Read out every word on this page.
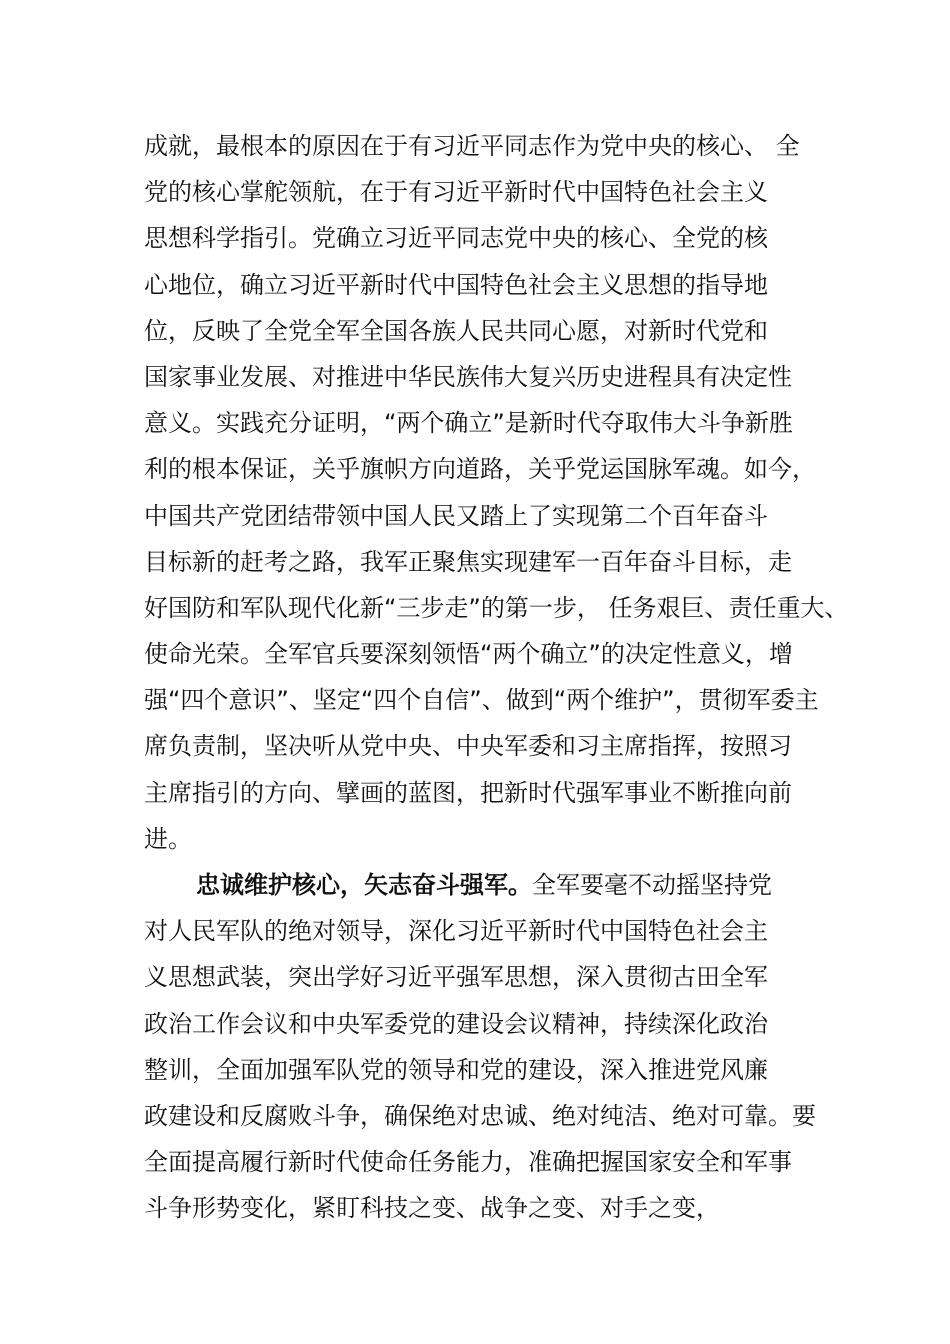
成就，最根本的原因在于有习近平同志作为党中央的核心、 全
党的核心掌舵领航，在于有习近平新时代中国特色社会主义
思想科学指引。党确立习近平同志党中央的核心、全党的核
心地位，确立习近平新时代中国特色社会主义思想的指导地
位，反映了全党全军全国各族人民共同心愿，对新时代党和
国家事业发展、对推进中华民族伟大复兴历史进程具有决定性
意义。实践充分证明，“两个确立”是新时代夺取伟大斗争新胜
利的根本保证，关乎旗帜方向道路，关乎党运国脉军魂。如今，
中国共产党团结带领中国人民又踏上了实现第二个百年奋斗
目标新的赶考之路，我军正聚焦实现建军一百年奋斗目标，走
好国防和军队现代化新“三步走”的第一步， 任务艰巨、责任重大、
使命光荣。全军官兵要深刻领悟“两个确立”的决定性意义，增
强“四个意识”、坚定“四个自信”、做到“两个维护”，贯彻军委主
席负责制，坚决听从党中央、中央军委和习主席指挥，按照习
主席指引的方向、擘画的蓝图，把新时代强军事业不断推向前
进。
忠诚维护核心，矢志奋斗强军。全军要毫不动摇坚持党
对人民军队的绝对领导，深化习近平新时代中国特色社会主
义思想武装，突出学好习近平强军思想，深入贯彻古田全军
政治工作会议和中央军委党的建设会议精神，持续深化政治
整训，全面加强军队党的领导和党的建设，深入推进党风廉
政建设和反腐败斗争，确保绝对忠诚、绝对纯洁、绝对可靠。要
全面提高履行新时代使命任务能力，准确把握国家安全和军事
斗争形势变化，紧盯科技之变、战争之变、对手之变，
